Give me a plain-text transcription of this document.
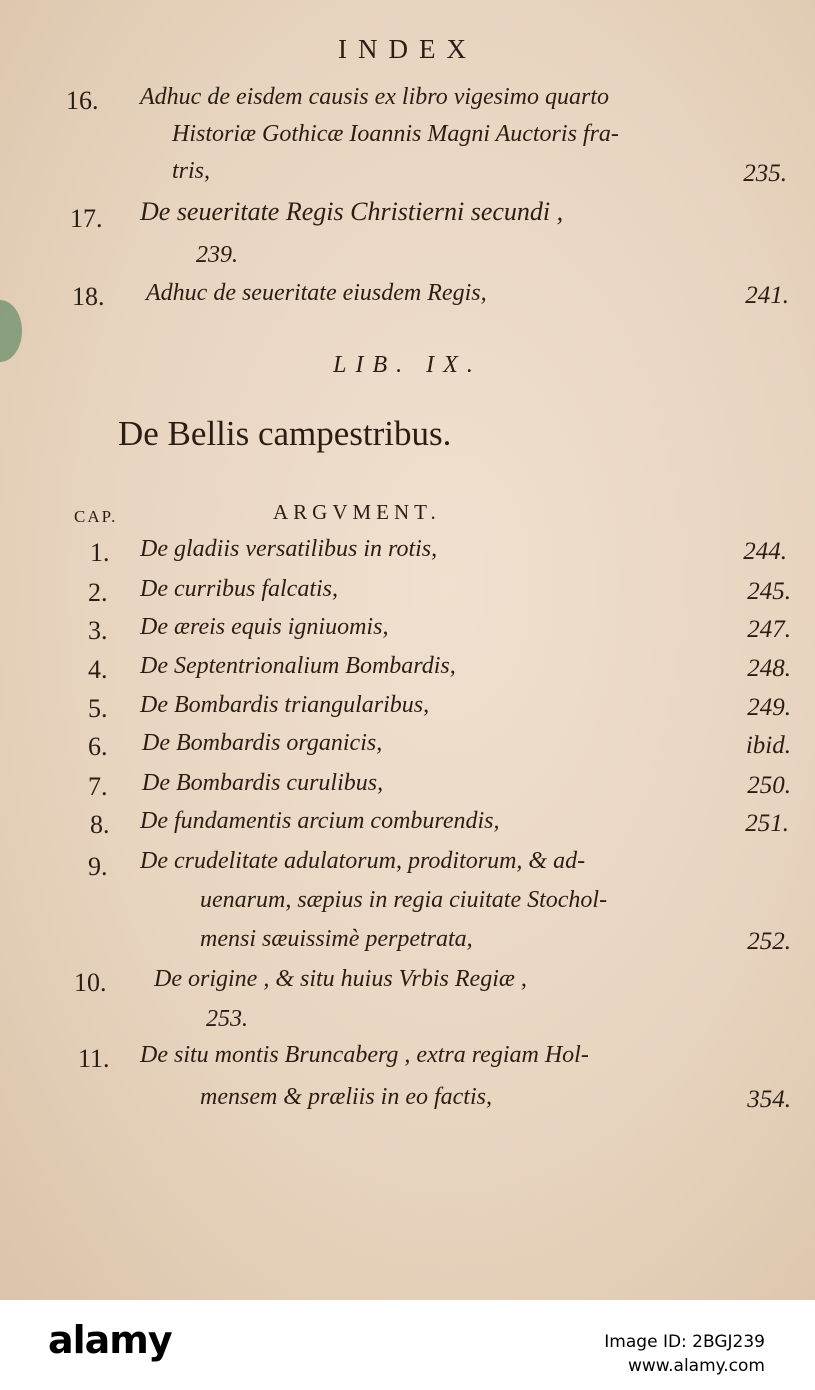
INDEX
16. Adhuc de eisdem causis ex libro vigesimo quarto
Historiæ Gothicæ Ioannis Magni Auctoris fra-
tris,	235.
17. De seueritate Regis Christierni secundi ,
239.
18. Adhuc de seueritate eiusdem Regis,	241.
LIB. IX.
De Bellis campestribus.
CAP.	ARGVMENT.
1. De gladiis versatilibus in rotis,	244.
2. De curribus falcatis,	245.
3. De æreis equis igniuomis,	247.
4. De Septentrionalium Bombardis,	248.
5. De Bombardis triangularibus,	249.
6. De Bombardis organicis,	ibid.
7. De Bombardis curulibus,	250.
8. De fundamentis arcium comburendis,	251.
9. De crudelitate adulatorum, proditorum, & ad-
uenarum, sæpius in regia ciuitate Stochol-
mensi sæuissimè perpetrata,	252.
10. De origine , & situ huius Vrbis Regiæ ,
253.
11. De situ montis Bruncaberg , extra regiam Hol-
mensem & præliis in eo factis,	354.
alamy	Image ID: 2BGJ239
www.alamy.com
